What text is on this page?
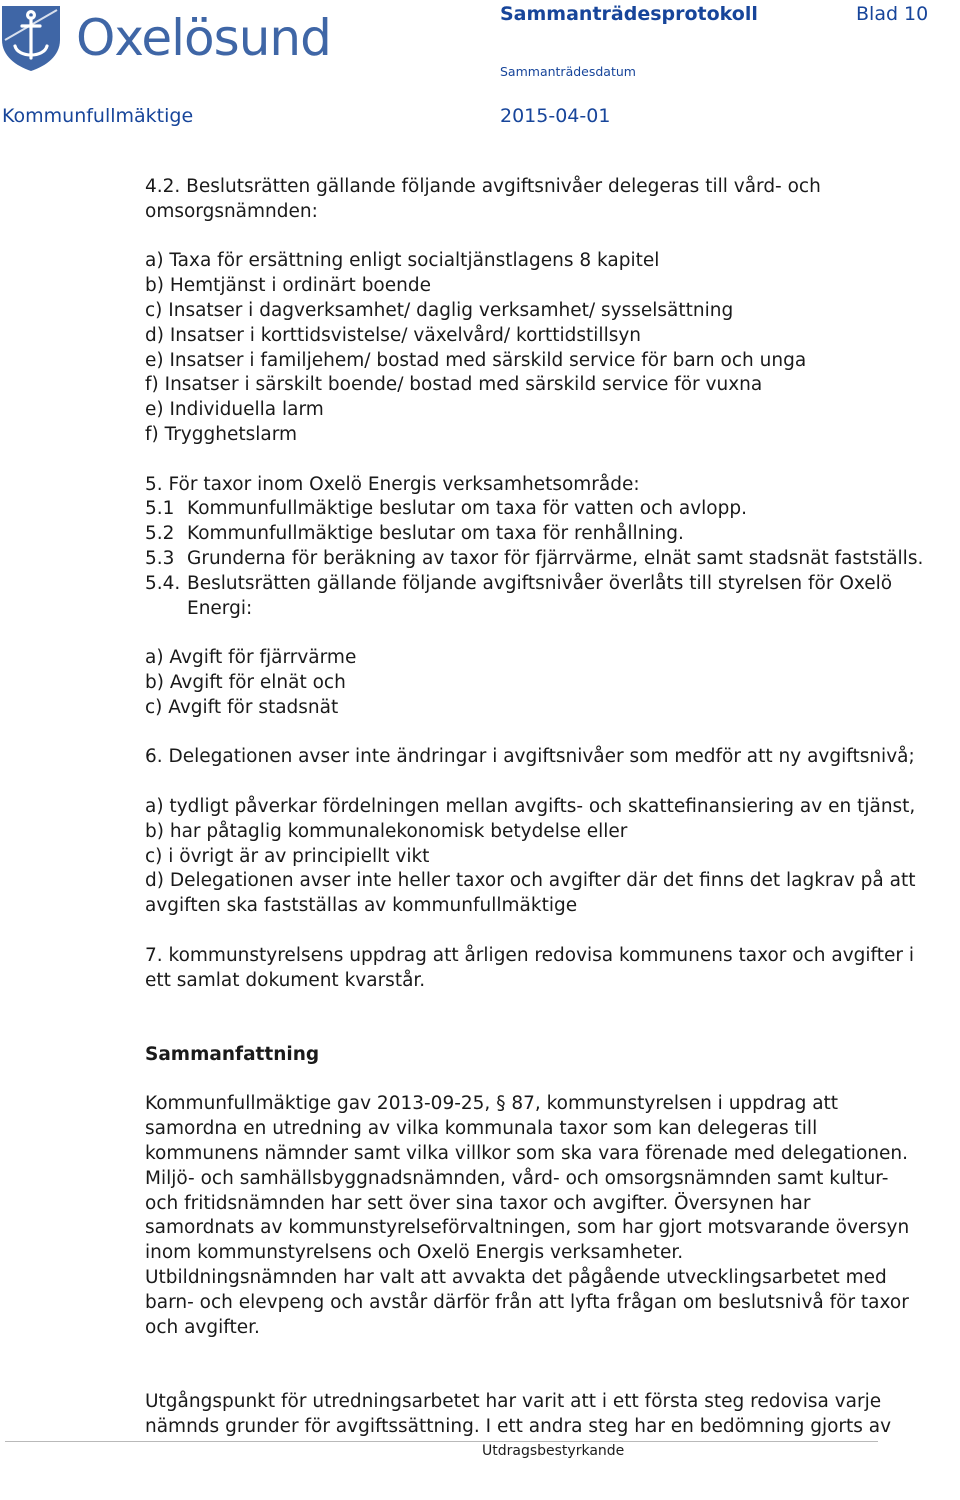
Oxelösund	Sammanträdesprotokoll	Blad 10
Sammanträdesdatum
Kommunfullmäktige	2015-04-01

4.2. Beslutsrätten gällande följande avgiftsnivåer delegeras till vård- och

omsorgsnämnden:

a) Taxa för ersättning enligt socialtjänstlagens 8 kapitel

b) Hemtjänst i ordinärt boende

c) Insatser i dagverksamhet/ daglig verksamhet/ sysselsättning

d) Insatser i korttidsvistelse/ växelvård/ korttidstillsyn

e) Insatser i familjehem/ bostad med särskild service för barn och unga

f) Insatser i särskilt boende/ bostad med särskild service för vuxna

e) Individuella larm

f) Trygghetslarm

5. För taxor inom Oxelö Energis verksamhetsområde:

5.1 Kommunfullmäktige beslutar om taxa för vatten och avlopp.

5.2 Kommunfullmäktige beslutar om taxa för renhållning.

5.3 Grunderna för beräkning av taxor för fjärrvärme, elnät samt stadsnät fastställs.

5.4. Beslutsrätten gällande följande avgiftsnivåer överlåts till styrelsen för Oxelö

Energi:

a) Avgift för fjärrvärme

b) Avgift för elnät och

c) Avgift för stadsnät

6. Delegationen avser inte ändringar i avgiftsnivåer som medför att ny avgiftsnivå;

a) tydligt påverkar fördelningen mellan avgifts- och skattefinansiering av en tjänst,

b) har påtaglig kommunalekonomisk betydelse eller

c) i övrigt är av principiellt vikt

d) Delegationen avser inte heller taxor och avgifter där det finns det lagkrav på att

avgiften ska fastställas av kommunfullmäktige

7. kommunstyrelsens uppdrag att årligen redovisa kommunens taxor och avgifter i

ett samlat dokument kvarstår.

Sammanfattning

Kommunfullmäktige gav 2013-09-25, § 87, kommunstyrelsen i uppdrag att

samordna en utredning av vilka kommunala taxor som kan delegeras till

kommunens nämnder samt vilka villkor som ska vara förenade med delegationen.

Miljö- och samhällsbyggnadsnämnden, vård- och omsorgsnämnden samt kultur-

och fritidsnämnden har sett över sina taxor och avgifter. Översynen har

samordnats av kommunstyrelseförvaltningen, som har gjort motsvarande översyn

inom kommunstyrelsens och Oxelö Energis verksamheter.

Utbildningsnämnden har valt att avvakta det pågående utvecklingsarbetet med

barn- och elevpeng och avstår därför från att lyfta frågan om beslutsnivå för taxor

och avgifter.

Utgångspunkt för utredningsarbetet har varit att i ett första steg redovisa varje

nämnds grunder för avgiftssättning. I ett andra steg har en bedömning gjorts av

Utdragsbestyrkande
